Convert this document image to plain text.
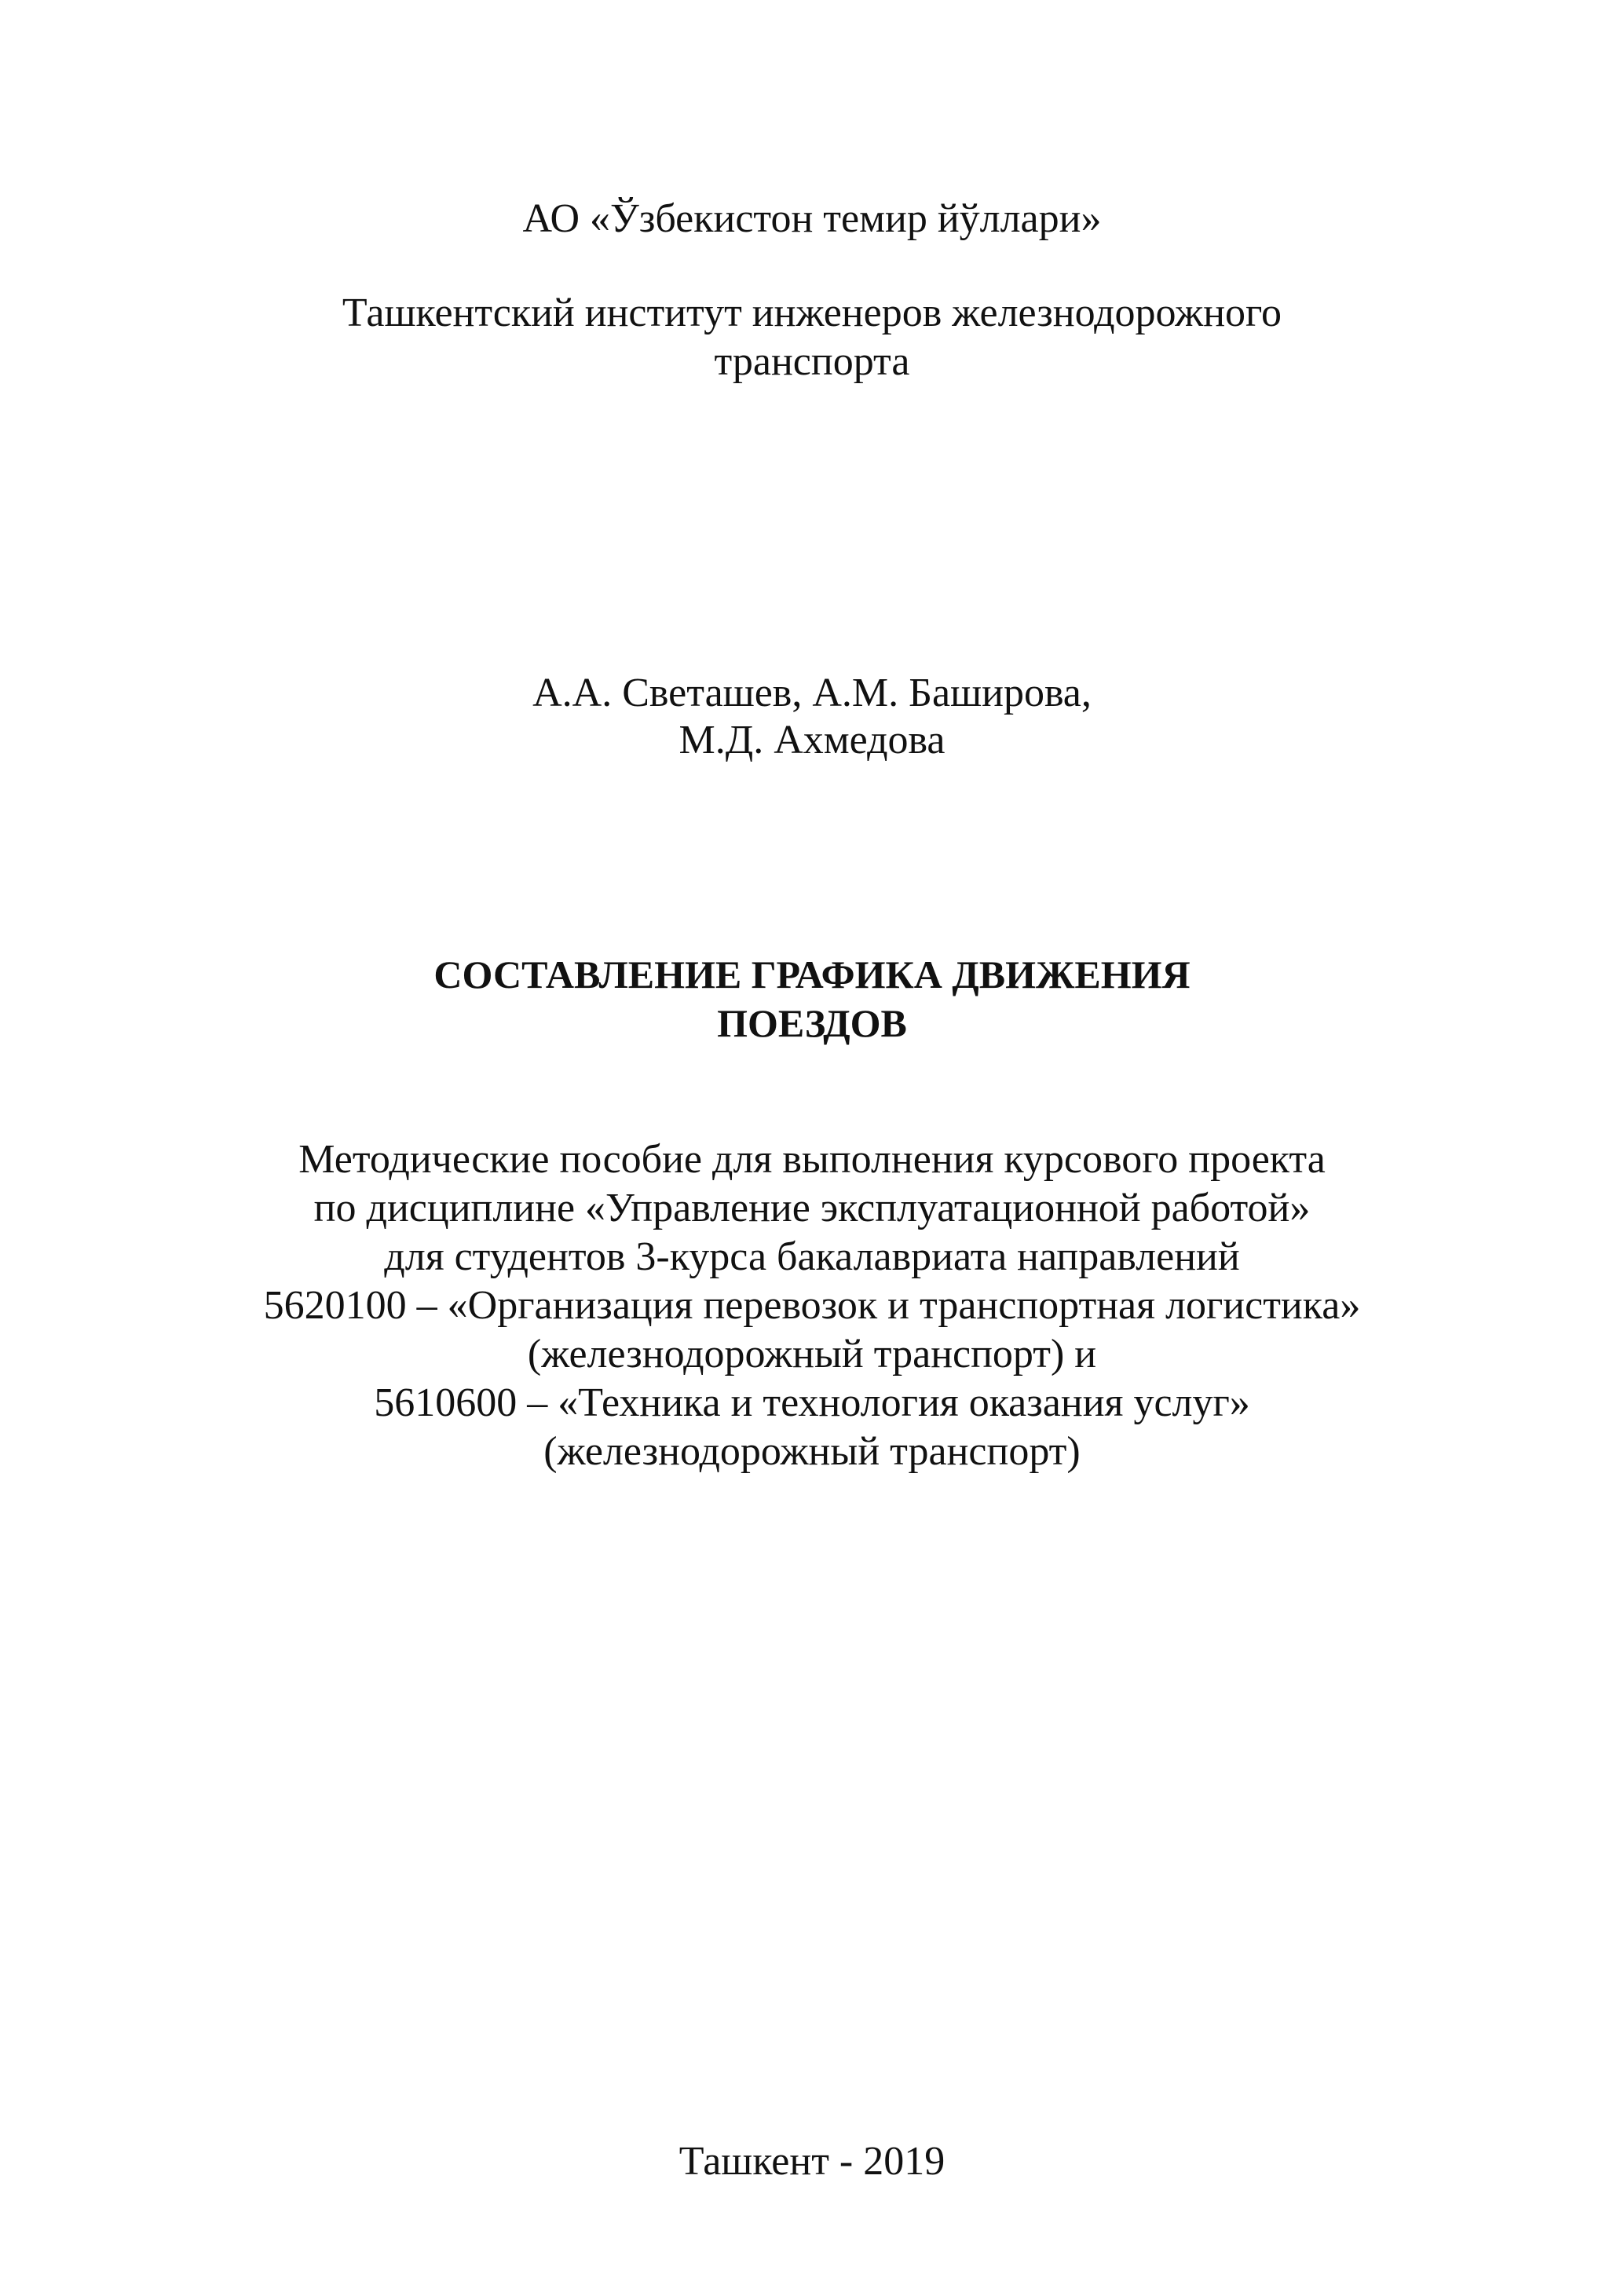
АО «Ўзбекистон темир йўллари»
Ташкентский институт инженеров железнодорожного
транспорта
А.А. Светашев, А.М. Баширова,
М.Д. Ахмедова
СОСТАВЛЕНИЕ ГРАФИКА ДВИЖЕНИЯ
ПОЕЗДОВ
Методические пособие для выполнения курсового проекта
по дисциплине «Управление эксплуатационной работой»
для студентов 3-курса бакалавриата направлений
5620100 – «Организация перевозок и транспортная логистика»
(железнодорожный транспорт) и
5610600 – «Техника и технология оказания услуг»
(железнодорожный транспорт)
Ташкент - 2019
